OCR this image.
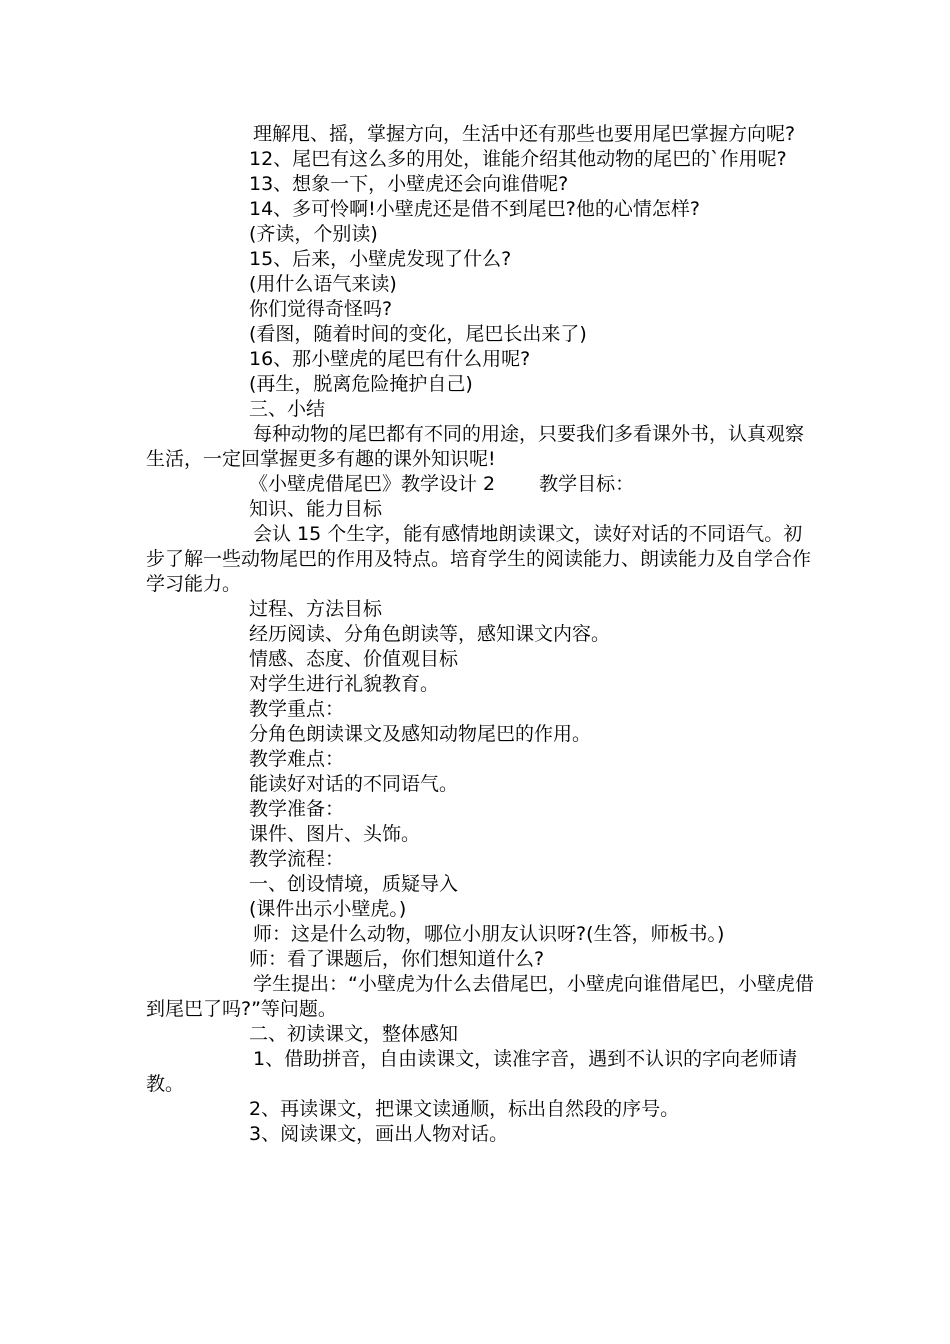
理解甩、摇，掌握方向，生活中还有那些也要用尾巴掌握方向呢?

12、尾巴有这么多的用处，谁能介绍其他动物的尾巴的`作用呢?

13、想象一下，小壁虎还会向谁借呢?

14、多可怜啊!小壁虎还是借不到尾巴?他的心情怎样?

(齐读，个别读)

15、后来，小壁虎发现了什么?

(用什么语气来读)

你们觉得奇怪吗?

(看图，随着时间的变化，尾巴长出来了)

16、那小壁虎的尾巴有什么用呢?

(再生，脱离危险掩护自己)

三、小结

每种动物的尾巴都有不同的用途，只要我们多看课外书，认真观察生活，一定回掌握更多有趣的课外知识呢!

《小壁虎借尾巴》教学设计 2　　 教学目标：

知识、能力目标

会认 15 个生字，能有感情地朗读课文，读好对话的不同语气。初步了解一些动物尾巴的作用及特点。培育学生的阅读能力、朗读能力及自学合作学习能力。

过程、方法目标

经历阅读、分角色朗读等，感知课文内容。

情感、态度、价值观目标

对学生进行礼貌教育。

教学重点：

分角色朗读课文及感知动物尾巴的作用。

教学难点：

能读好对话的不同语气。

教学准备：

课件、图片、头饰。

教学流程：

一、创设情境，质疑导入

(课件出示小壁虎。)

师：这是什么动物，哪位小朋友认识呀?(生答，师板书。)

师：看了课题后，你们想知道什么?

学生提出：“小壁虎为什么去借尾巴，小壁虎向谁借尾巴，小壁虎借到尾巴了吗?”等问题。

二、初读课文，整体感知

1、借助拼音，自由读课文，读准字音，遇到不认识的字向老师请教。

2、再读课文，把课文读通顺，标出自然段的序号。

3、阅读课文，画出人物对话。
